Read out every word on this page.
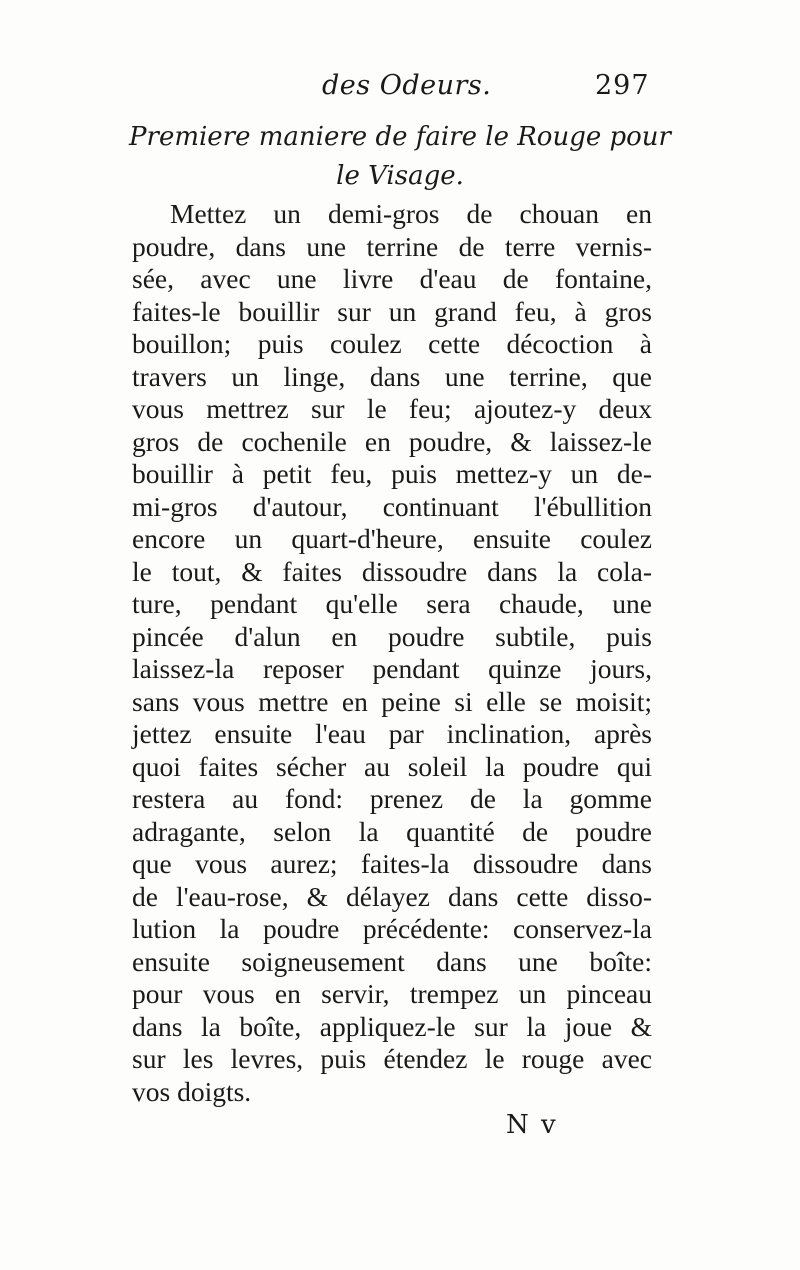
des Odeurs.	297
Premiere maniere de faire le Rouge pour
le Visage.
Mettez un demi-gros de chouan en
poudre, dans une terrine de terre vernis-
sée, avec une livre d'eau de fontaine,
faites-le bouillir sur un grand feu, à gros
bouillon; puis coulez cette décoction à
travers un linge, dans une terrine, que
vous mettrez sur le feu; ajoutez-y deux
gros de cochenile en poudre, & laissez-le
bouillir à petit feu, puis mettez-y un de-
mi-gros d'autour, continuant l'ébullition
encore un quart-d'heure, ensuite coulez
le tout, & faites dissoudre dans la cola-
ture, pendant qu'elle sera chaude, une
pincée d'alun en poudre subtile, puis
laissez-la reposer pendant quinze jours,
sans vous mettre en peine si elle se moisit;
jettez ensuite l'eau par inclination, après
quoi faites sécher au soleil la poudre qui
restera au fond: prenez de la gomme
adragante, selon la quantité de poudre
que vous aurez; faites-la dissoudre dans
de l'eau-rose, & délayez dans cette disso-
lution la poudre précédente: conservez-la
ensuite soigneusement dans une boîte:
pour vous en servir, trempez un pinceau
dans la boîte, appliquez-le sur la joue &
sur les levres, puis étendez le rouge avec
vos doigts.
N v
